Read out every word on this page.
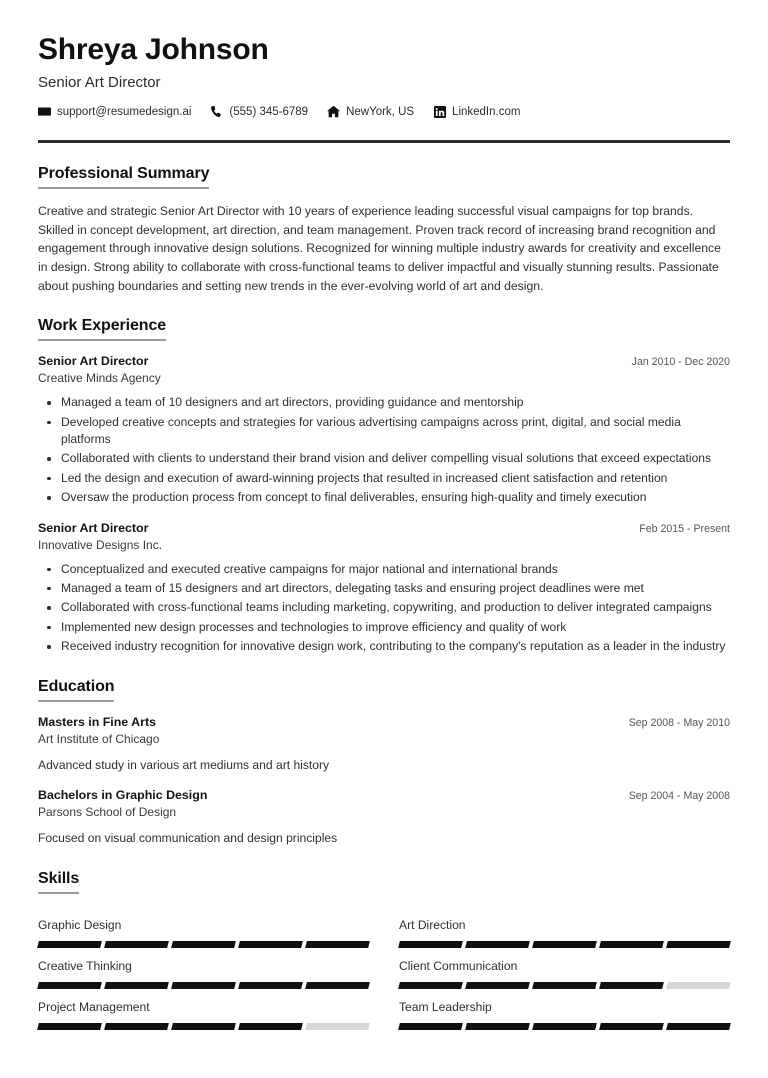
Shreya Johnson
Senior Art Director
support@resumedesign.ai	(555) 345-6789	NewYork, US	LinkedIn.com
Professional Summary
Creative and strategic Senior Art Director with 10 years of experience leading successful visual campaigns for top brands. Skilled in concept development, art direction, and team management. Proven track record of increasing brand recognition and engagement through innovative design solutions. Recognized for winning multiple industry awards for creativity and excellence in design. Strong ability to collaborate with cross-functional teams to deliver impactful and visually stunning results. Passionate about pushing boundaries and setting new trends in the ever-evolving world of art and design.
Work Experience
Senior Art Director	Jan 2010 - Dec 2020
Creative Minds Agency
Managed a team of 10 designers and art directors, providing guidance and mentorship
Developed creative concepts and strategies for various advertising campaigns across print, digital, and social media platforms
Collaborated with clients to understand their brand vision and deliver compelling visual solutions that exceed expectations
Led the design and execution of award-winning projects that resulted in increased client satisfaction and retention
Oversaw the production process from concept to final deliverables, ensuring high-quality and timely execution
Senior Art Director	Feb 2015 - Present
Innovative Designs Inc.
Conceptualized and executed creative campaigns for major national and international brands
Managed a team of 15 designers and art directors, delegating tasks and ensuring project deadlines were met
Collaborated with cross-functional teams including marketing, copywriting, and production to deliver integrated campaigns
Implemented new design processes and technologies to improve efficiency and quality of work
Received industry recognition for innovative design work, contributing to the company's reputation as a leader in the industry
Education
Masters in Fine Arts	Sep 2008 - May 2010
Art Institute of Chicago
Advanced study in various art mediums and art history
Bachelors in Graphic Design	Sep 2004 - May 2008
Parsons School of Design
Focused on visual communication and design principles
Skills
Graphic Design	Art Direction
Creative Thinking	Client Communication
Project Management	Team Leadership
